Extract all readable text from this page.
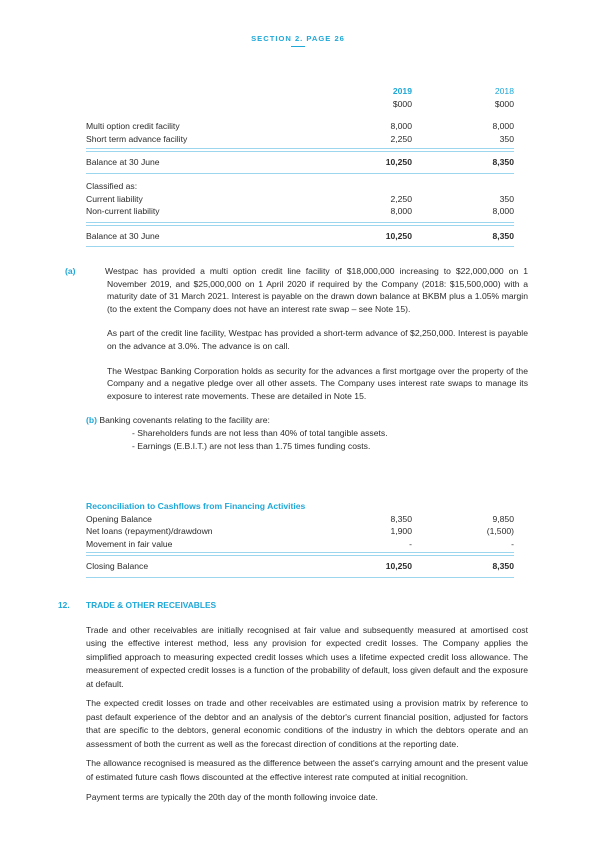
SECTION 2. PAGE 26
2019	2018
$000	$000
Multi option credit facility	8,000	8,000
Short term advance facility	2,250	350
Balance at 30 June	10,250	8,350
Classified as:
Current liability	2,250	350
Non-current liability	8,000	8,000
Balance at 30 June	10,250	8,350

(a)	Westpac has provided a multi option credit line facility of $18,000,000 increasing to $22,000,000 on 1 November 2019, and $25,000,000 on 1 April 2020 if required by the Company (2018: $15,500,000) with a maturity date of 31 March 2021. Interest is payable on the drawn down balance at BKBM plus a 1.05% margin (to the extent the Company does not have an interest rate swap – see Note 15).

As part of the credit line facility, Westpac has provided a short-term advance of $2,250,000. Interest is payable on the advance at 3.0%. The advance is on call.

The Westpac Banking Corporation holds as security for the advances a first mortgage over the property of the Company and a negative pledge over all other assets. The Company uses interest rate swaps to manage its exposure to interest rate movements. These are detailed in Note 15.

(b) Banking covenants relating to the facility are:

- Shareholders funds are not less than 40% of total tangible assets.

- Earnings (E.B.I.T.) are not less than 1.75 times funding costs.

Reconciliation to Cashflows from Financing Activities
Opening Balance	8,350	9,850
Net loans (repayment)/drawdown	1,900	(1,500)
Movement in fair value	-	-
Closing Balance	10,250	8,350
12. TRADE & OTHER RECEIVABLES

Trade and other receivables are initially recognised at fair value and subsequently measured at amortised cost using the effective interest method, less any provision for expected credit losses. The Company applies the simplified approach to measuring expected credit losses which uses a lifetime expected credit loss allowance. The measurement of expected credit losses is a function of the probability of default, loss given default and the exposure at default.

The expected credit losses on trade and other receivables are estimated using a provision matrix by reference to past default experience of the debtor and an analysis of the debtor's current financial position, adjusted for factors that are specific to the debtors, general economic conditions of the industry in which the debtors operate and an assessment of both the current as well as the forecast direction of conditions at the reporting date.

The allowance recognised is measured as the difference between the asset's carrying amount and the present value of estimated future cash flows discounted at the effective interest rate computed at initial recognition.

Payment terms are typically the 20th day of the month following invoice date.
